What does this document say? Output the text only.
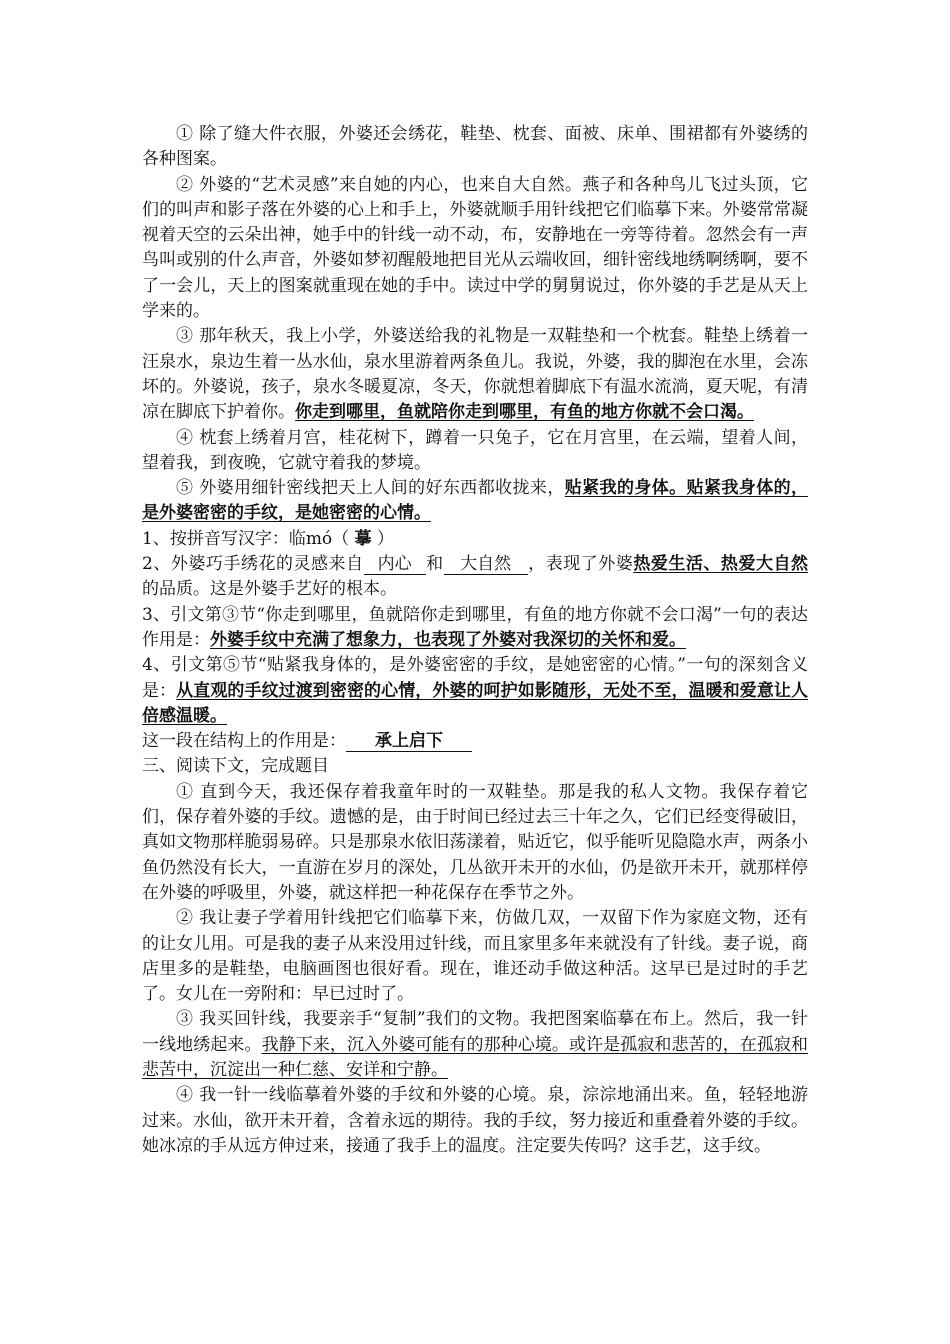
① 除了缝大件衣服，外婆还会绣花，鞋垫、枕套、面被、床单、围裙都有外婆绣的各种图案。

② 外婆的“艺术灵感”来自她的内心，也来自大自然。燕子和各种鸟儿飞过头顶，它们的叫声和影子落在外婆的心上和手上，外婆就顺手用针线把它们临摹下来。外婆常常凝视着天空的云朵出神，她手中的针线一动不动，布，安静地在一旁等待着。忽然会有一声鸟叫或别的什么声音，外婆如梦初醒般地把目光从云端收回，细针密线地绣啊绣啊，要不了一会儿，天上的图案就重现在她的手中。读过中学的舅舅说过，你外婆的手艺是从天上学来的。

③ 那年秋天，我上小学，外婆送给我的礼物是一双鞋垫和一个枕套。鞋垫上绣着一汪泉水，泉边生着一丛水仙，泉水里游着两条鱼儿。我说，外婆，我的脚泡在水里，会冻坏的。外婆说，孩子，泉水冬暖夏凉，冬天，你就想着脚底下有温水流淌，夏天呢，有清凉在脚底下护着你。你走到哪里，鱼就陪你走到哪里，有鱼的地方你就不会口渴。

④ 枕套上绣着月宫，桂花树下，蹲着一只兔子，它在月宫里，在云端，望着人间，望着我，到夜晚，它就守着我的梦境。

⑤ 外婆用细针密线把天上人间的好东西都收拢来，贴紧我的身体。贴紧我身体的，是外婆密密的手纹，是她密密的心情。

1、按拼音写汉字：临mó（ 摹 ）

2、外婆巧手绣花的灵感来自 内心 和 大自然 ，表现了外婆热爱生活、热爱大自然的品质。这是外婆手艺好的根本。

3、引文第③节“你走到哪里，鱼就陪你走到哪里，有鱼的地方你就不会口渴”一句的表达作用是：外婆手纹中充满了想象力，也表现了外婆对我深切的关怀和爱。

4、引文第⑤节“贴紧我身体的，是外婆密密的手纹，是她密密的心情。”一句的深刻含义是：从直观的手纹过渡到密密的心情，外婆的呵护如影随形，无处不至，温暖和爱意让人倍感温暖。

这一段在结构上的作用是： 承上启下

三、阅读下文，完成题目

① 直到今天，我还保存着我童年时的一双鞋垫。那是我的私人文物。我保存着它们，保存着外婆的手纹。遗憾的是，由于时间已经过去三十年之久，它们已经变得破旧，真如文物那样脆弱易碎。只是那泉水依旧荡漾着，贴近它，似乎能听见隐隐水声，两条小鱼仍然没有长大，一直游在岁月的深处，几丛欲开未开的水仙，仍是欲开未开，就那样停在外婆的呼吸里，外婆，就这样把一种花保存在季节之外。

② 我让妻子学着用针线把它们临摹下来，仿做几双，一双留下作为家庭文物，还有的让女儿用。可是我的妻子从来没用过针线，而且家里多年来就没有了针线。妻子说，商店里多的是鞋垫，电脑画图也很好看。现在，谁还动手做这种活。这早已是过时的手艺了。女儿在一旁附和：早已过时了。

③ 我买回针线，我要亲手“复制”我们的文物。我把图案临摹在布上。然后，我一针一线地绣起来。我静下来，沉入外婆可能有的那种心境。或许是孤寂和悲苦的，在孤寂和悲苦中，沉淀出一种仁慈、安详和宁静。

④ 我一针一线临摹着外婆的手纹和外婆的心境。泉，淙淙地涌出来。鱼，轻轻地游过来。水仙，欲开未开着，含着永远的期待。我的手纹，努力接近和重叠着外婆的手纹。她冰凉的手从远方伸过来，接通了我手上的温度。注定要失传吗？这手艺，这手纹。
